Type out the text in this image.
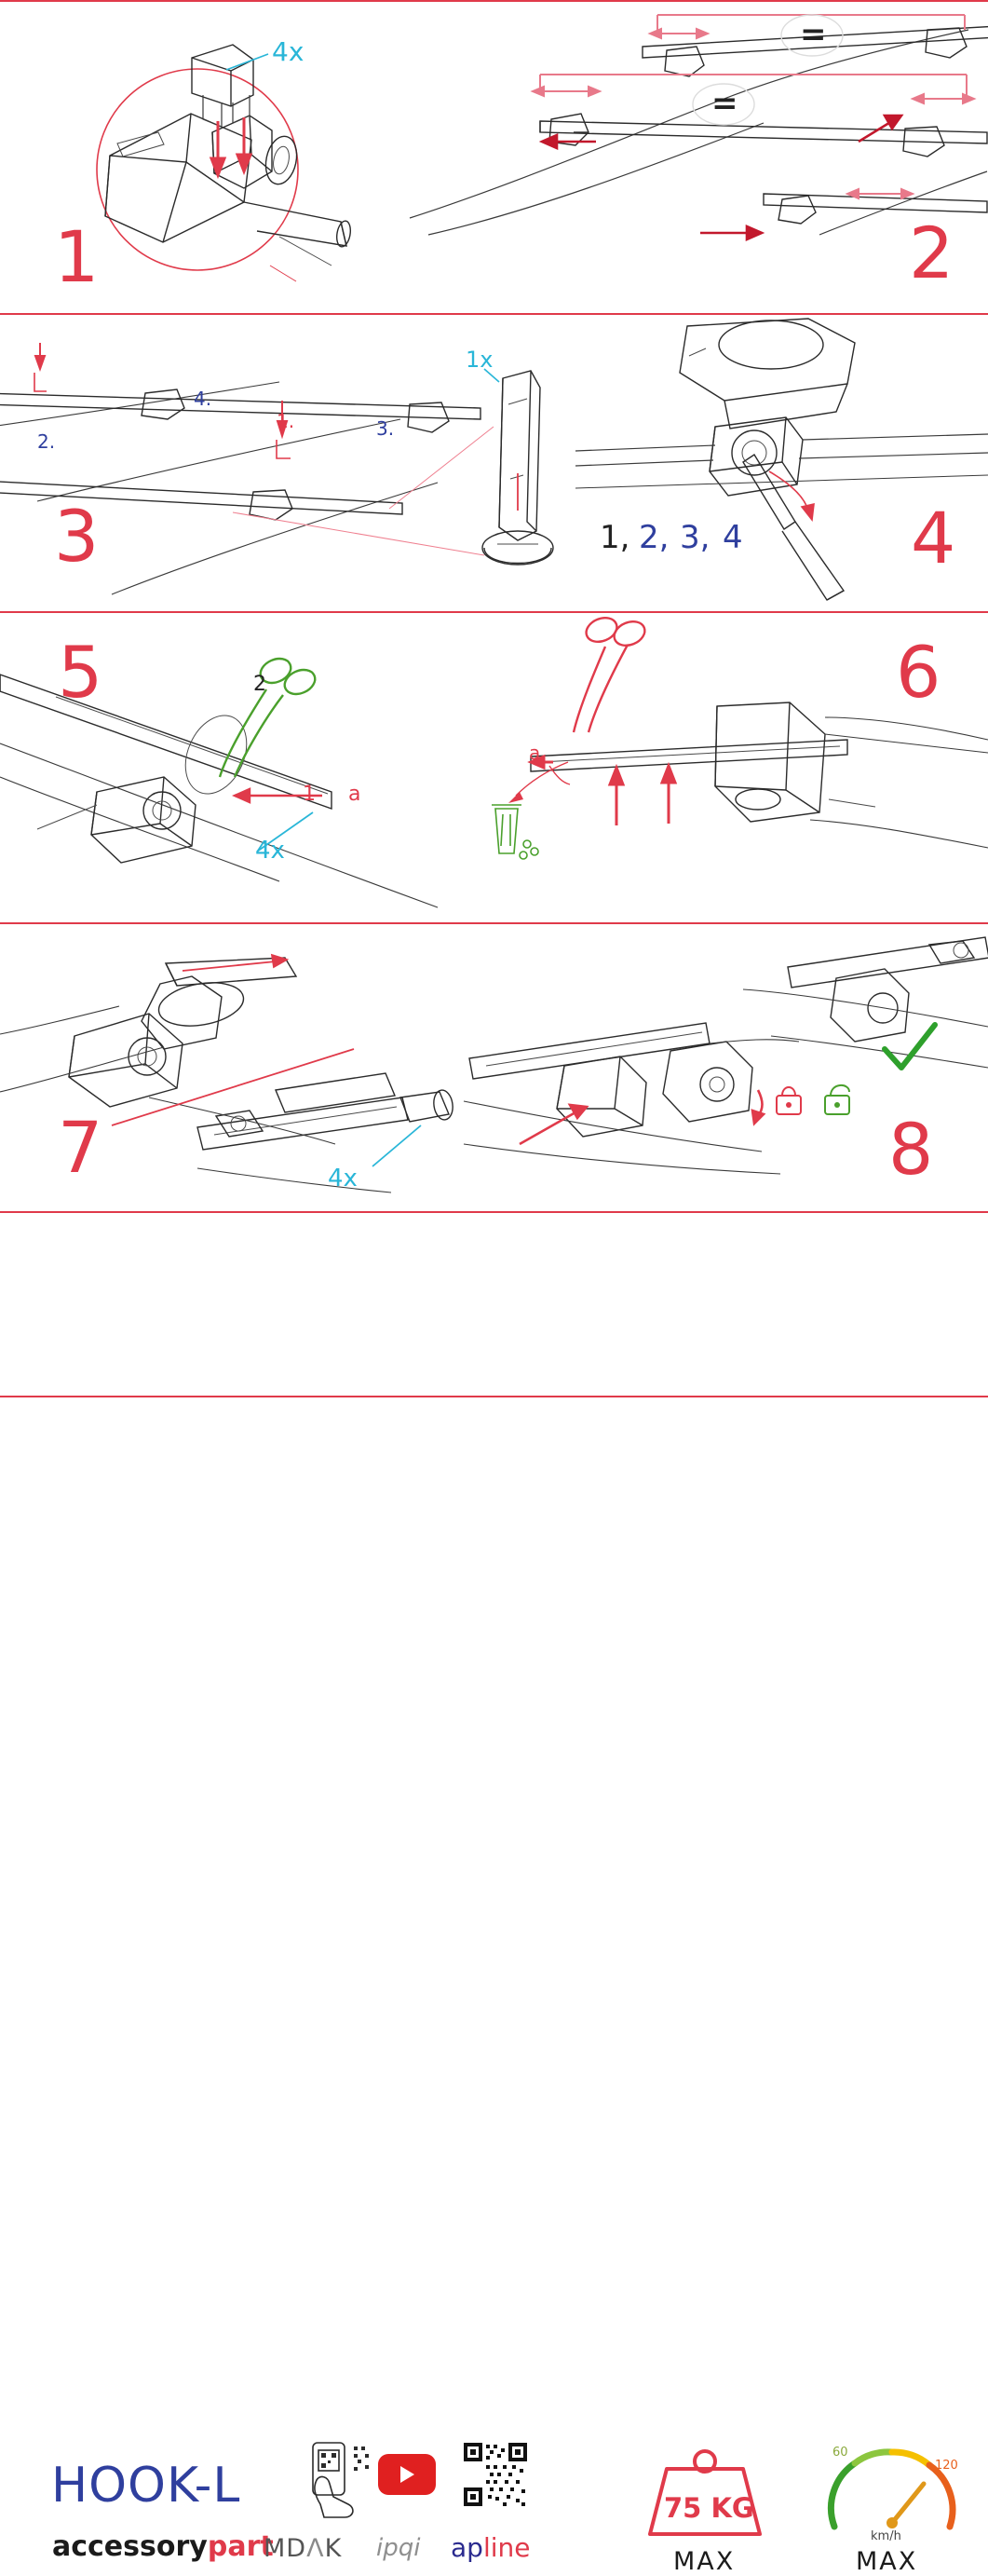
4x
1
=
=
2
4.
2.
3.
1.
1x
3	1, 2, 3, 4 4
1 a
2
4x
5
a
6
4x
7	8
HOOK-L
accessorypart
MDΛK ipqi apline
75 KG
MAX
60
120
km/h
MAX
